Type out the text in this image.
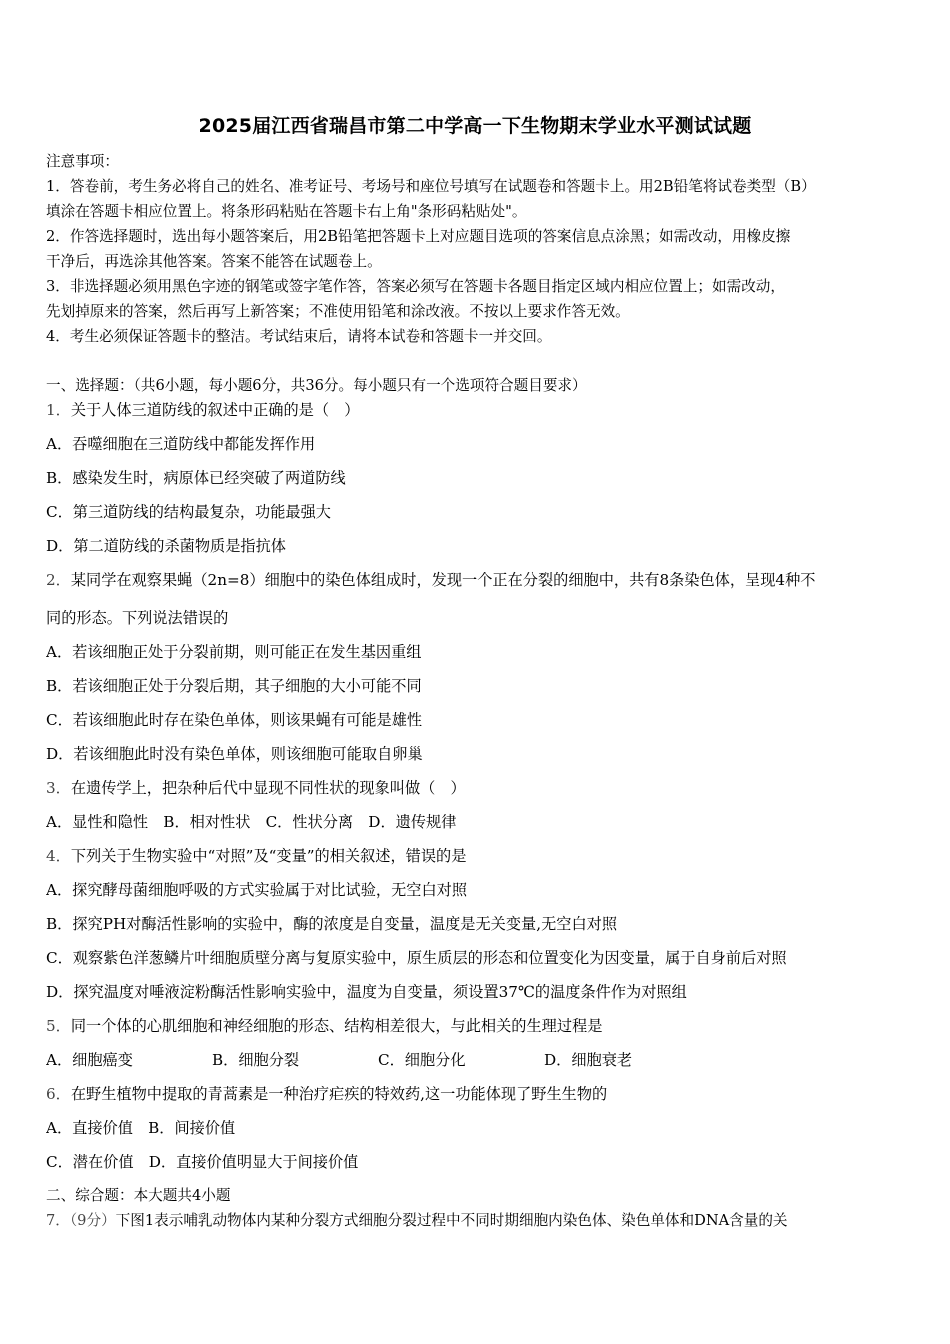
2025届江西省瑞昌市第二中学高一下生物期末学业水平测试试题
注意事项：
1．答卷前，考生务必将自己的姓名、准考证号、考场号和座位号填写在试题卷和答题卡上。用2B铅笔将试卷类型（B）
填涂在答题卡相应位置上。将条形码粘贴在答题卡右上角"条形码粘贴处"。
2．作答选择题时，选出每小题答案后，用2B铅笔把答题卡上对应题目选项的答案信息点涂黑；如需改动，用橡皮擦
干净后，再选涂其他答案。答案不能答在试题卷上。
3．非选择题必须用黑色字迹的钢笔或签字笔作答，答案必须写在答题卡各题目指定区域内相应位置上；如需改动，
先划掉原来的答案，然后再写上新答案；不准使用铅笔和涂改液。不按以上要求作答无效。
4．考生必须保证答题卡的整洁。考试结束后，请将本试卷和答题卡一并交回。
一、选择题：（共6小题，每小题6分，共36分。每小题只有一个选项符合题目要求）
1．关于人体三道防线的叙述中正确的是（　）
A．吞噬细胞在三道防线中都能发挥作用
B．感染发生时，病原体已经突破了两道防线
C．第三道防线的结构最复杂，功能最强大
D．第二道防线的杀菌物质是指抗体
2．某同学在观察果蝇（2n=8）细胞中的染色体组成时，发现一个正在分裂的细胞中，共有8条染色体，呈现4种不
同的形态。下列说法错误的
A．若该细胞正处于分裂前期，则可能正在发生基因重组
B．若该细胞正处于分裂后期，其子细胞的大小可能不同
C．若该细胞此时存在染色单体，则该果蝇有可能是雄性
D．若该细胞此时没有染色单体，则该细胞可能取自卵巢
3．在遗传学上，把杂种后代中显现不同性状的现象叫做（　）
A．显性和隐性　B．相对性状　C．性状分离　D．遗传规律
4．下列关于生物实验中“对照”及“变量”的相关叙述，错误的是
A．探究酵母菌细胞呼吸的方式实验属于对比试验，无空白对照
B．探究PH对酶活性影响的实验中，酶的浓度是自变量，温度是无关变量,无空白对照
C．观察紫色洋葱鳞片叶细胞质壁分离与复原实验中，原生质层的形态和位置变化为因变量，属于自身前后对照
D．探究温度对唾液淀粉酶活性影响实验中，温度为自变量，须设置37℃的温度条件作为对照组
5．同一个体的心肌细胞和神经细胞的形态、结构相差很大，与此相关的生理过程是
A．细胞癌变	B．细胞分裂	C．细胞分化	D．细胞衰老
6．在野生植物中提取的青蒿素是一种治疗疟疾的特效药,这一功能体现了野生生物的
A．直接价值　B．间接价值
C．潜在价值　D．直接价值明显大于间接价值
二、综合题：本大题共4小题
7．（9分）下图1表示哺乳动物体内某种分裂方式细胞分裂过程中不同时期细胞内染色体、染色单体和DNA含量的关
